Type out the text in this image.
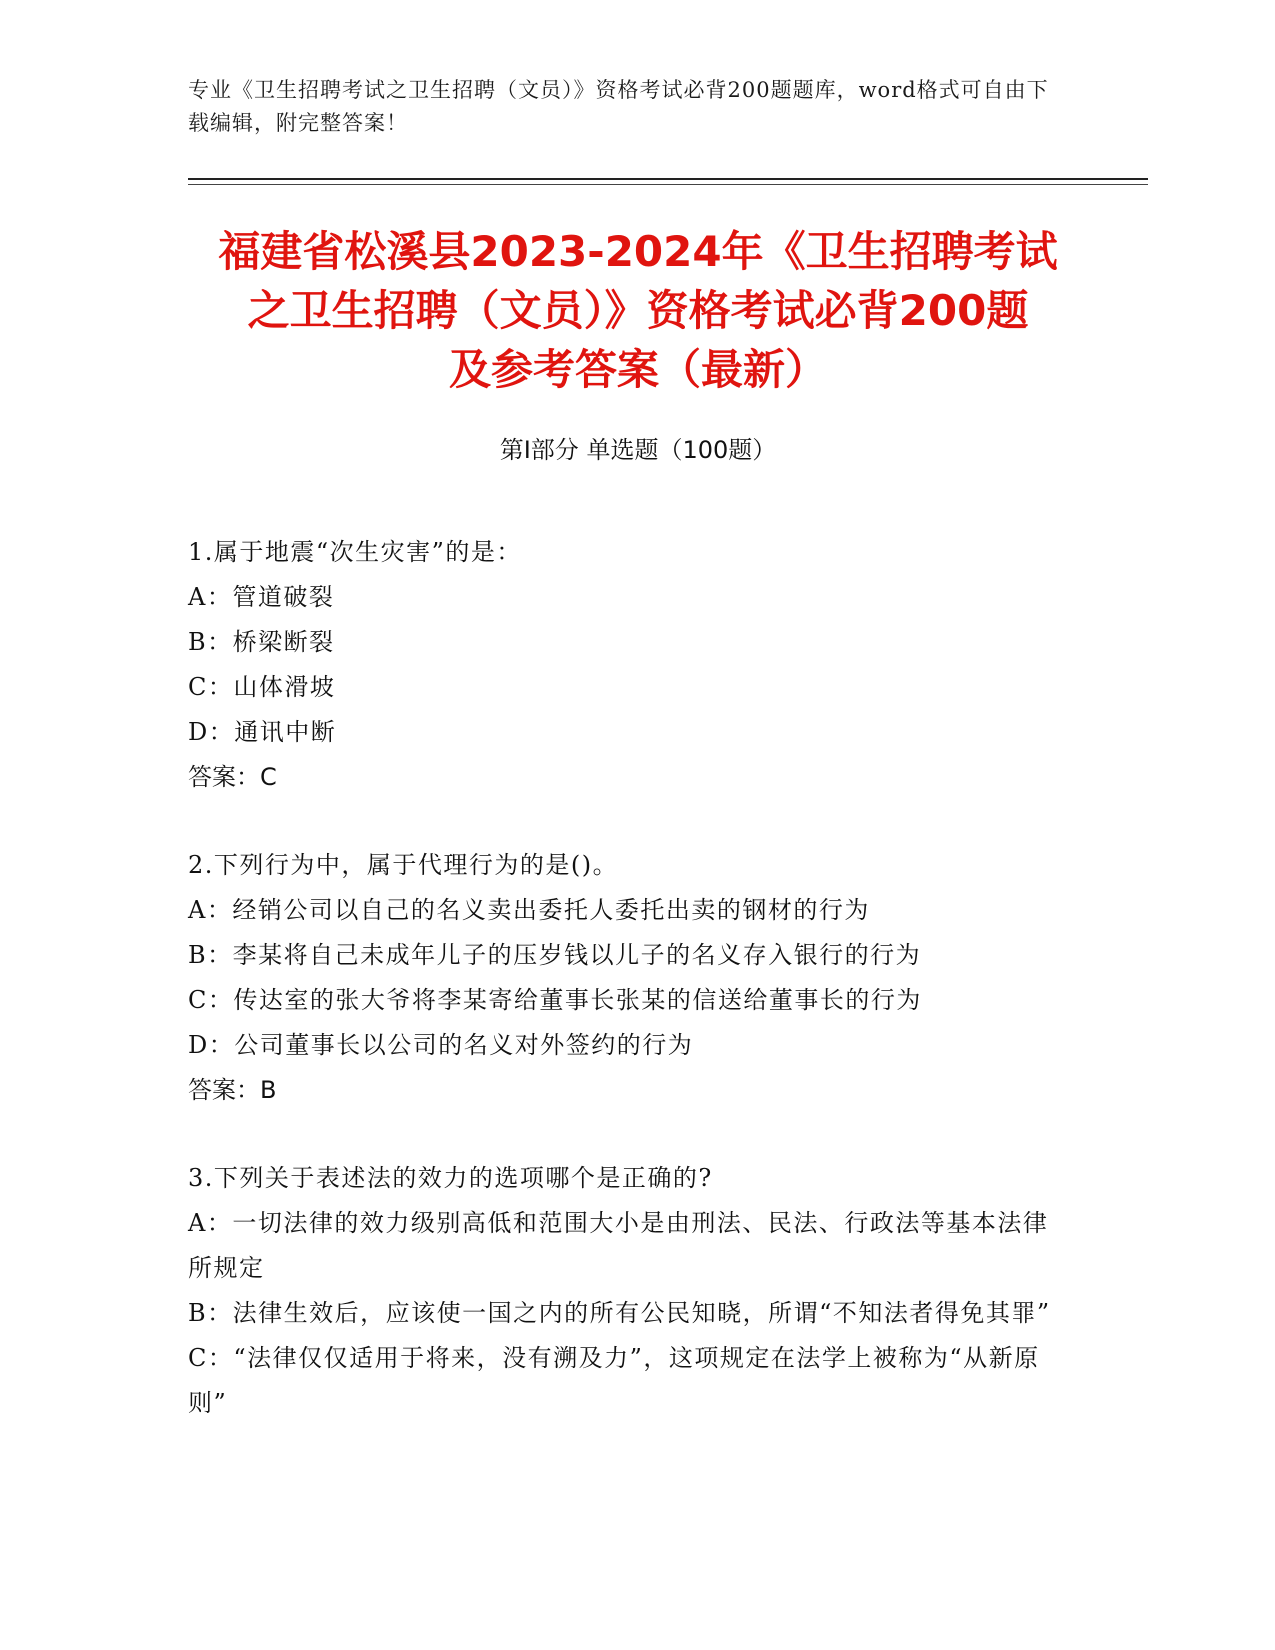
专业《卫生招聘考试之卫生招聘（文员）》资格考试必背200题题库，word格式可自由下载编辑，附完整答案！
福建省松溪县2023-2024年《卫生招聘考试
之卫生招聘（文员）》资格考试必背200题
及参考答案（最新）
第Ⅰ部分 单选题（100题）

1.属于地震“次生灾害”的是：

A：管道破裂

B：桥梁断裂

C：山体滑坡

D：通讯中断

答案：C

2.下列行为中，属于代理行为的是()。

A：经销公司以自己的名义卖出委托人委托出卖的钢材的行为

B：李某将自己未成年儿子的压岁钱以儿子的名义存入银行的行为

C：传达室的张大爷将李某寄给董事长张某的信送给董事长的行为

D：公司董事长以公司的名义对外签约的行为

答案：B

3.下列关于表述法的效力的选项哪个是正确的?

A：一切法律的效力级别高低和范围大小是由刑法、民法、行政法等基本法律所规定

B：法律生效后，应该使一国之内的所有公民知晓，所谓“不知法者得免其罪”

C：“法律仅仅适用于将来，没有溯及力”，这项规定在法学上被称为“从新原则”
